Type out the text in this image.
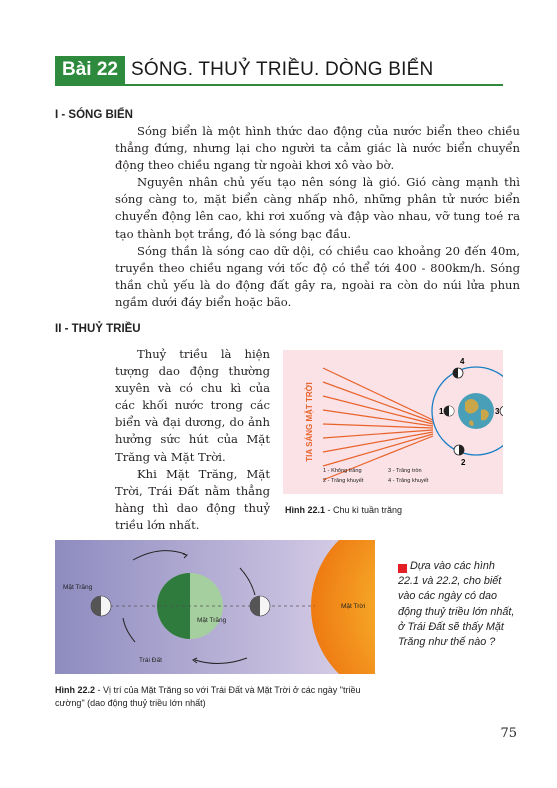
Bài 22 SÓNG. THUỶ TRIỀU. DÒNG BIỂN
I - SÓNG BIỂN

Sóng biển là một hình thức dao động của nước biển theo chiều thẳng đứng, nhưng lại cho người ta cảm giác là nước biển chuyển động theo chiều ngang từ ngoài khơi xô vào bờ.

Nguyên nhân chủ yếu tạo nên sóng là gió. Gió càng mạnh thì sóng càng to, mặt biển càng nhấp nhô, những phân tử nước biển chuyển động lên cao, khi rơi xuống và đập vào nhau, vỡ tung toé ra tạo thành bọt trắng, đó là sóng bạc đầu.

Sóng thần là sóng cao dữ dội, có chiều cao khoảng 20 đến 40m, truyền theo chiều ngang với tốc độ có thể tới 400 - 800km/h. Sóng thần chủ yếu là do động đất gây ra, ngoài ra còn do núi lửa phun ngầm dưới đáy biển hoặc bão.

II - THUỶ TRIỀU

Thuỷ triều là hiện tượng dao động thường xuyên và có chu kì của các khối nước trong các biển và đại dương, do ảnh hưởng sức hút của Mặt Trăng và Mặt Trời.

Khi Mặt Trăng, Mặt Trời, Trái Đất nằm thẳng hàng thì dao động thuỷ triều lớn nhất.

TIA SÁNG MẶT TRỜI
4
1	3
2
1 - Không trăng
2 - Trăng khuyết
3 - Trăng tròn
4 - Trăng khuyết
Hình 22.1 - Chu kì tuần trăng
Mặt Trăng
Mặt Trăng
Trái Đất
Mặt Trời
Hình 22.2 - Vị trí của Mặt Trăng so với Trái Đất và Mặt Trời ở các ngày "triều cường" (dao động thuỷ triều lớn nhất)
Dựa vào các hình 22.1 và 22.2, cho biết vào các ngày có dao động thuỷ triều lớn nhất, ở Trái Đất sẽ thấy Mặt Trăng như thế nào ?
75
